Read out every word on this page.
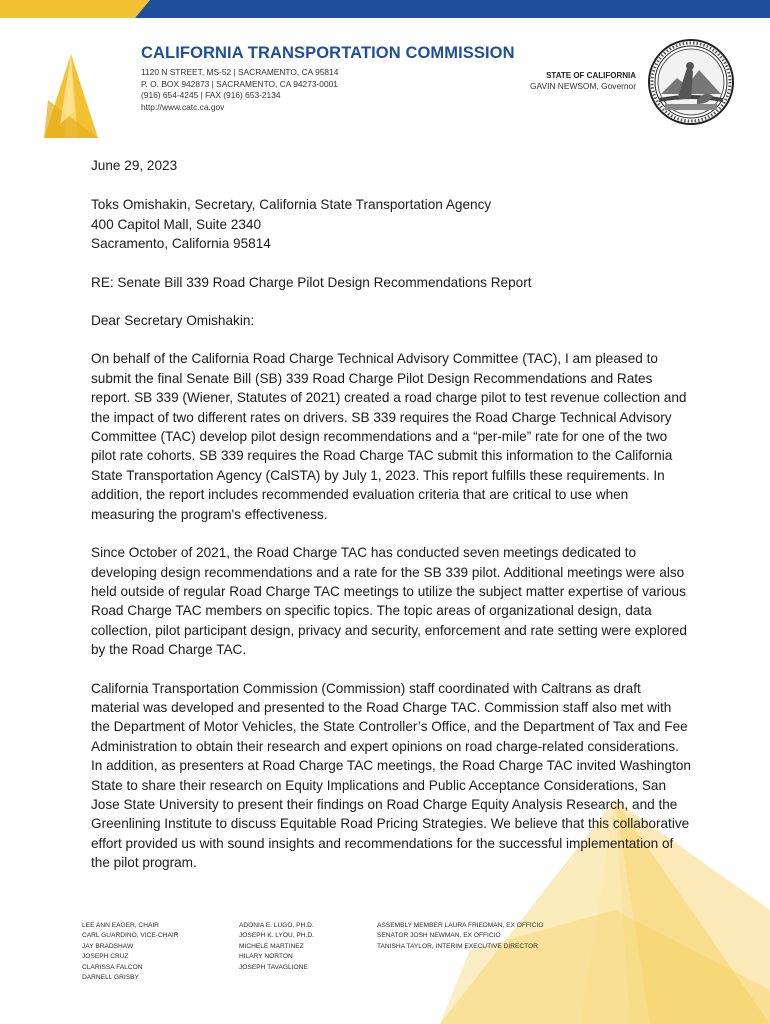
CALIFORNIA TRANSPORTATION COMMISSION
1120 N STREET, MS-52 | SACRAMENTO, CA 95814
P. O. BOX 942873 | SACRAMENTO, CA 94273-0001
(916) 654-4245 | FAX (916) 653-2134
http://www.catc.ca.gov
STATE OF CALIFORNIA
GAVIN NEWSOM, Governor

June 29, 2023

Toks Omishakin, Secretary, California State Transportation Agency

400 Capitol Mall, Suite 2340

Sacramento, California 95814

RE: Senate Bill 339 Road Charge Pilot Design Recommendations Report

Dear Secretary Omishakin:

On behalf of the California Road Charge Technical Advisory Committee (TAC), I am pleased to submit the final Senate Bill (SB) 339 Road Charge Pilot Design Recommendations and Rates report. SB 339 (Wiener, Statutes of 2021) created a road charge pilot to test revenue collection and the impact of two different rates on drivers. SB 339 requires the Road Charge Technical Advisory Committee (TAC) develop pilot design recommendations and a “per-mile” rate for one of the two pilot rate cohorts. SB 339 requires the Road Charge TAC submit this information to the California State Transportation Agency (CalSTA) by July 1, 2023. This report fulfills these requirements. In addition, the report includes recommended evaluation criteria that are critical to use when measuring the program's effectiveness.

Since October of 2021, the Road Charge TAC has conducted seven meetings dedicated to developing design recommendations and a rate for the SB 339 pilot. Additional meetings were also held outside of regular Road Charge TAC meetings to utilize the subject matter expertise of various Road Charge TAC members on specific topics. The topic areas of organizational design, data collection, pilot participant design, privacy and security, enforcement and rate setting were explored by the Road Charge TAC.

California Transportation Commission (Commission) staff coordinated with Caltrans as draft material was developed and presented to the Road Charge TAC. Commission staff also met with the Department of Motor Vehicles, the State Controller’s Office, and the Department of Tax and Fee Administration to obtain their research and expert opinions on road charge-related considerations. In addition, as presenters at Road Charge TAC meetings, the Road Charge TAC invited Washington State to share their research on Equity Implications and Public Acceptance Considerations, San Jose State University to present their findings on Road Charge Equity Analysis Research, and the Greenlining Institute to discuss Equitable Road Pricing Strategies. We believe that this collaborative effort provided us with sound insights and recommendations for the successful implementation of the pilot program.

LEE ANN EAGER, CHAIR
CARL GUARDINO, VICE-CHAIR
JAY BRADSHAW
JOSEPH CRUZ
CLARISSA FALCON
DARNELL GRISBY
ADONIA E. LUGO, PH.D.
JOSEPH K. LYOU, PH.D.
MICHELE MARTINEZ
HILARY NORTON
JOSEPH TAVAGLIONE
ASSEMBLY MEMBER LAURA FRIEDMAN, EX OFFICIO
SENATOR JOSH NEWMAN, EX OFFICIO
TANISHA TAYLOR, INTERIM EXECUTIVE DIRECTOR
